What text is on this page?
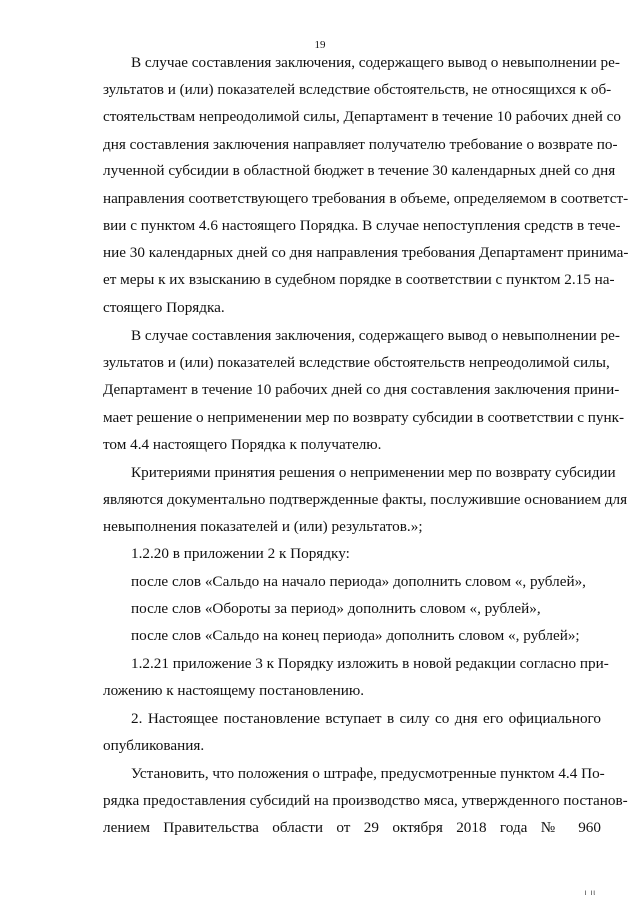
19
В случае составления заключения, содержащего вывод о невыполнении ре-
зультатов и (или) показателей вследствие обстоятельств, не относящихся к об-
стоятельствам непреодолимой силы, Департамент в течение 10 рабочих дней со
дня составления заключения направляет получателю требование о возврате по-
лученной субсидии в областной бюджет в течение 30 календарных дней со дня
направления соответствующего требования в объеме, определяемом в соответст-
вии с пунктом 4.6 настоящего Порядка. В случае непоступления средств в тече-
ние 30 календарных дней со дня направления требования Департамент принима-
ет меры к их взысканию в судебном порядке в соответствии с пунктом 2.15 на-
стоящего Порядка.
В случае составления заключения, содержащего вывод о невыполнении ре-
зультатов и (или) показателей вследствие обстоятельств непреодолимой силы,
Департамент в течение 10 рабочих дней со дня составления заключения прини-
мает решение о неприменении мер по возврату субсидии в соответствии с пунк-
том 4.4 настоящего Порядка к получателю.
Критериями принятия решения о неприменении мер по возврату субсидии
являются документально подтвержденные факты, послужившие основанием для
невыполнения показателей и (или) результатов.»;
1.2.20 в приложении 2 к Порядку:
после слов «Сальдо на начало периода» дополнить словом «, рублей»,
после слов «Обороты за период» дополнить словом «, рублей»,
после слов «Сальдо на конец периода» дополнить словом «, рублей»;
1.2.21 приложение 3 к Порядку изложить в новой редакции согласно при-
ложению к настоящему постановлению.
2. Настоящее постановление вступает в силу со дня его официального
опубликования.
Установить, что положения о штрафе, предусмотренные пунктом 4.4 По-
рядка предоставления субсидий на производство мяса, утвержденного постанов-
лением Правительства области от 29 октября 2018 года № 960
ι ιι
